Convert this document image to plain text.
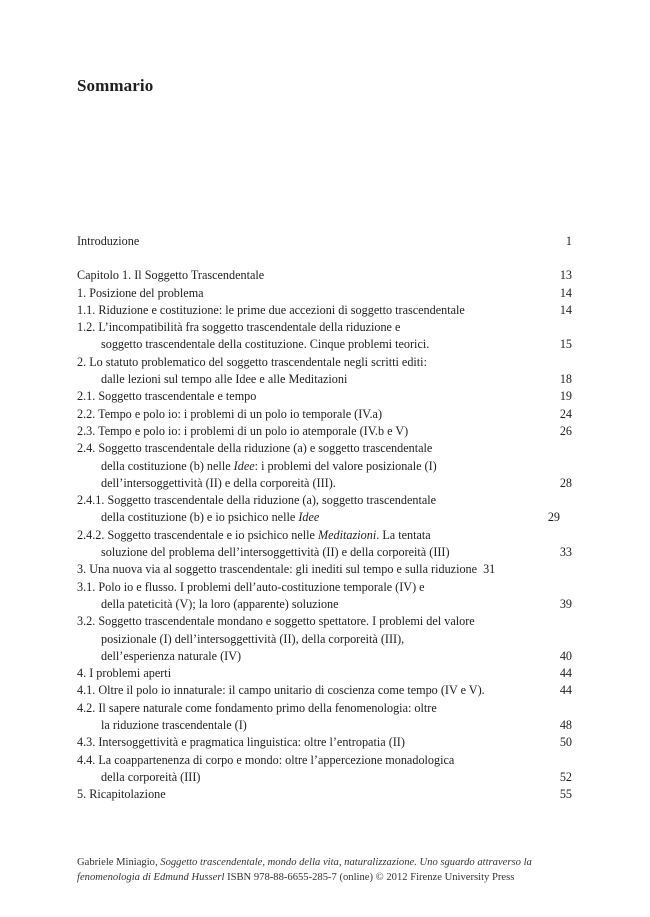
Sommario
Introduzione	1
Capitolo 1. Il Soggetto Trascendentale	13
1. Posizione del problema	14
1.1. Riduzione e costituzione: le prime due accezioni di soggetto trascendentale	14
1.2. L’incompatibilità fra soggetto trascendentale della riduzione e
soggetto trascendentale della costituzione. Cinque problemi teorici.	15
2. Lo statuto problematico del soggetto trascendentale negli scritti editi:
dalle lezioni sul tempo alle Idee e alle Meditazioni	18
2.1. Soggetto trascendentale e tempo	19
2.2. Tempo e polo io: i problemi di un polo io temporale (IV.a)	24
2.3. Tempo e polo io: i problemi di un polo io atemporale (IV.b e V)	26
2.4. Soggetto trascendentale della riduzione (a) e soggetto trascendentale
della costituzione (b) nelle Idee: i problemi del valore posizionale (I)
dell’intersoggettività (II) e della corporeità (III).	28
2.4.1. Soggetto trascendentale della riduzione (a), soggetto trascendentale
della costituzione (b) e io psichico nelle Idee	29
2.4.2. Soggetto trascendentale e io psichico nelle Meditazioni. La tentata
soluzione del problema dell’intersoggettività (II) e della corporeità (III)	33
3. Una nuova via al soggetto trascendentale: gli inediti sul tempo e sulla riduzione 31
3.1. Polo io e flusso. I problemi dell’auto-costituzione temporale (IV) e
della pateticità (V); la loro (apparente) soluzione	39
3.2. Soggetto trascendentale mondano e soggetto spettatore. I problemi del valore
posizionale (I) dell’intersoggettività (II), della corporeità (III),
dell’esperienza naturale (IV)	40
4. I problemi aperti	44
4.1. Oltre il polo io innaturale: il campo unitario di coscienza come tempo (IV e V).	44
4.2. Il sapere naturale come fondamento primo della fenomenologia: oltre
la riduzione trascendentale (I)	48
4.3. Intersoggettività e pragmatica linguistica: oltre l’entropatia (II)	50
4.4. La coappartenenza di corpo e mondo: oltre l’appercezione monadologica
della corporeità (III)	52
5. Ricapitolazione	55
Gabriele Miniagio, Soggetto trascendentale, mondo della vita, naturalizzazione. Uno sguardo attraverso la
fenomenologia di Edmund Husserl ISBN 978-88-6655-285-7 (online) © 2012 Firenze University Press
